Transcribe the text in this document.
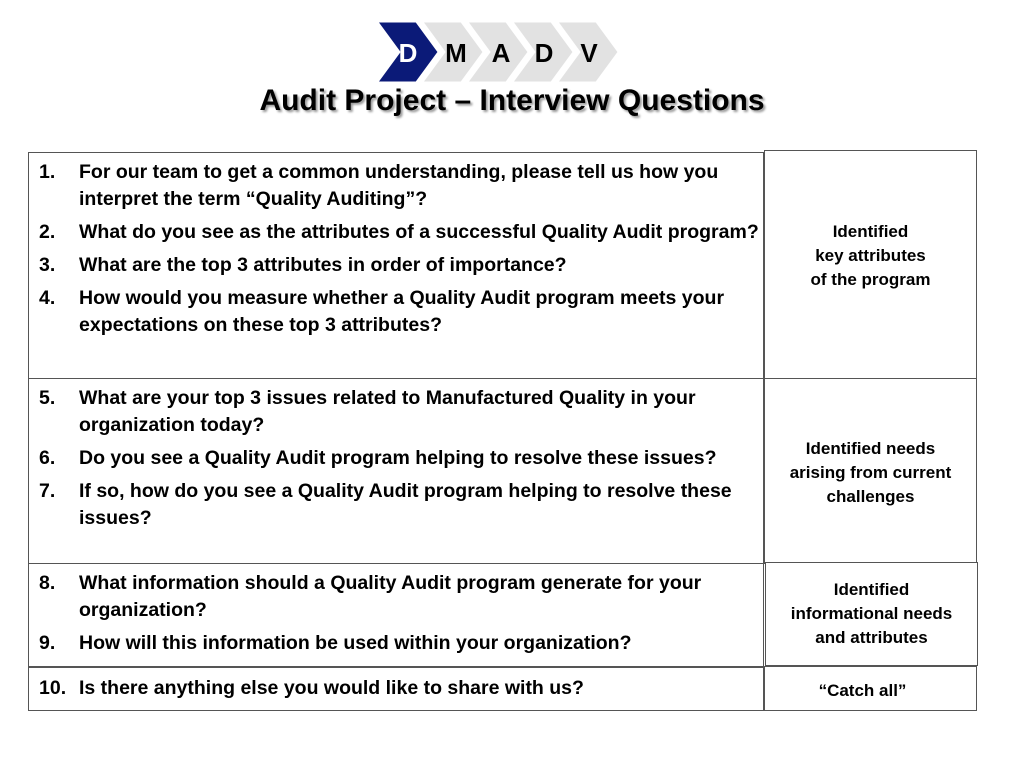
D M A D V
Audit Project – Interview Questions
1. For our team to get a common understanding, please tell us how you interpret the term “Quality Auditing”?
2. What do you see as the attributes of a successful Quality Audit program?
3. What are the top 3 attributes in order of importance?
4. How would you measure whether a Quality Audit program meets your expectations on these top 3 attributes?
Identified
key attributes
of the program
5. What are your top 3 issues related to Manufactured Quality in your organization today?
6. Do you see a Quality Audit program helping to resolve these issues?
7. If so, how do you see a Quality Audit program helping to resolve these issues?
Identified needs
arising from current
challenges
8. What information should a Quality Audit program generate for your organization?
9. How will this information be used within your organization?
Identified
informational needs
and attributes
10. Is there anything else you would like to share with us?	“Catch all”
